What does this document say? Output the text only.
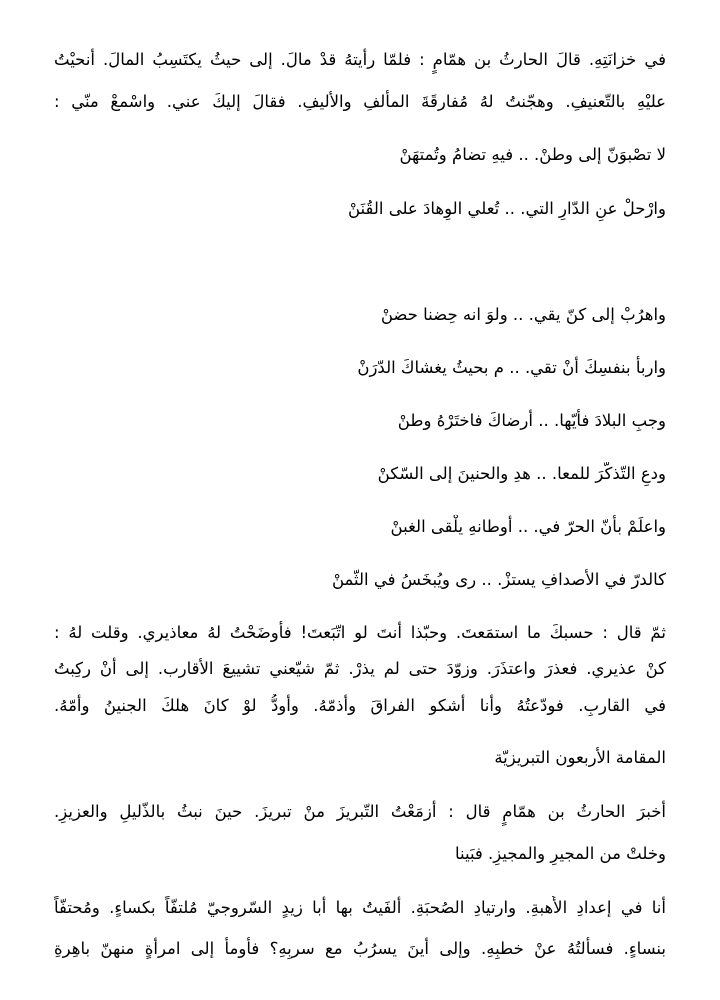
في خزانَتِهِ. قالَ الحارثُ بن همّامٍ : فلمّا رأيتهُ قدْ مالَ. إلى حيثُ يكتَسِبُ المالَ. أنحيْتُ
عليْهِ بالتّعنيفِ. وهجّنتُ لهُ مُفارقَةَ المألفِ والأليفِ. فقالَ إليكَ عني. واسْمعْ منّي :
لا تصْبوَنّ إلى وطنْ. .. فيهِ تضامُ وتُمتهَنْ
وارْحلْ عنِ الدّارِ التي. .. تُعلي الوِهادَ على القُنَنْ
واهرُبْ إلى كنّ يقي. .. ولوَ انه حِضنا حضنْ
واربأ بنفسِكَ أنْ تقي. .. م بحيثُ يغشاكَ الدّرَنْ
وجبِ البلادَ فأيّها. .. أرضاكَ فاختَرْهُ وطنْ
ودعِ التّذكّرَ للمعا. .. هدِ والحنينَ إلى السّكنْ
واعلَمْ بأنّ الحرّ في. .. أوطانهِ يلْقى الغبنْ
كالدرّ في الأصدافِ يستزْ. .. رى ويُبخَسُ في الثّمنْ
ثمّ قال : حسبكَ ما استمَعتَ. وحبّذا أنتَ لو اتّبَعتَ! فأوضَحْتُ لهُ معاذيري. وقلت لهُ :
كنْ عذيري. فعذرَ واعتذَرَ. وزوّدَ حتى لم يذرْ. ثمّ شيّعني تشييعَ الأقارب. إلى أنْ ركِبتُ
في القاربِ. فودّعتُهُ وأنا أشكو الفراقَ وأذمّهُ. وأودُّ لوْ كانَ هلكَ الجنينُ وأمّهُ.
المقامة الأربعون التبريزيّة
أخبرَ الحارثُ بن همّامٍ قال : أزمَعْتُ التّبريزَ منْ تبريزَ. حينَ نبثُ بالذّليلِ والعزيزِ.
وخلتْ من المجيرِ والمجيزِ. فبَينا
أنا في إعدادِ الأُهبةِ. وارتيادِ الصُحبَةِ. ألفَيتُ بها أبا زيدٍ السّروجيّ مُلتفّاً بكساءٍ. ومُحتفّاً
بنساءٍ. فسألتُهُ عنْ خطبِهِ. وإلى أينَ يسرُبُ مع سربِهِ؟ فأومأ إلى امرأةٍ منهنّ باهِرةِ
